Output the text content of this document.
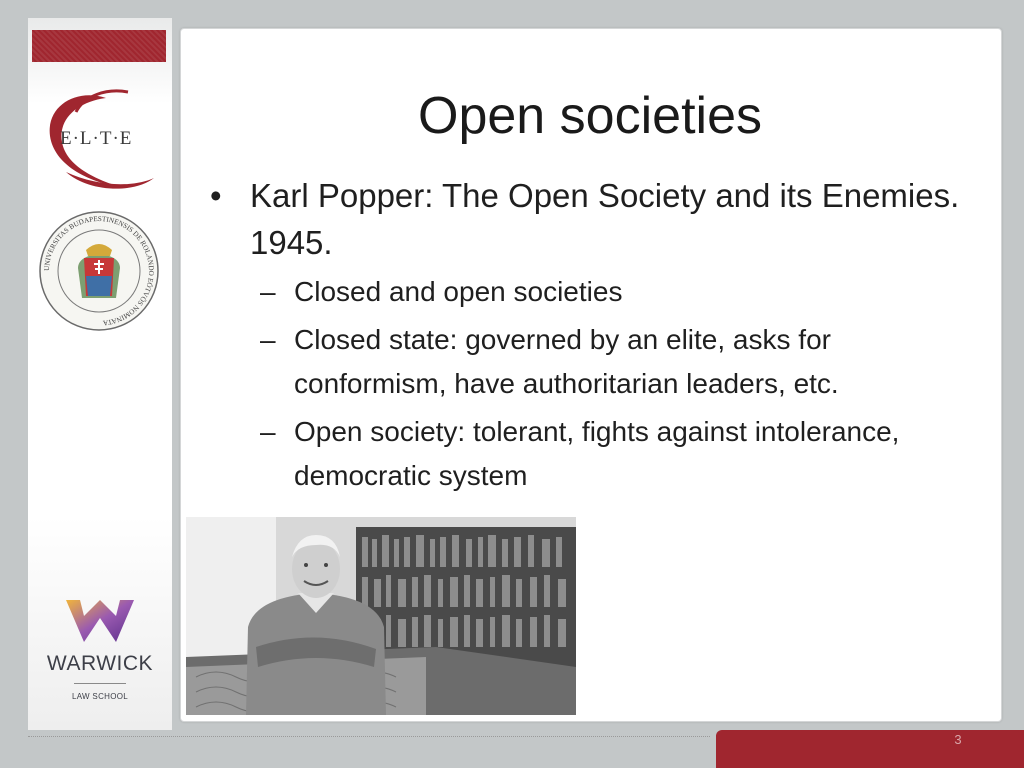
E·L·T·E
UNIVERSITAS BUDAPESTINENSIS DE ROLANDO EÖTVÖS NOMINATA
WARWICK
LAW SCHOOL
Open societies
• Karl Popper: The Open Society and its Enemies. 1945.
– Closed and open societies
– Closed state: governed by an elite, asks for conformism, have authoritarian leaders, etc.
– Open society: tolerant, fights against intolerance, democratic system
3
